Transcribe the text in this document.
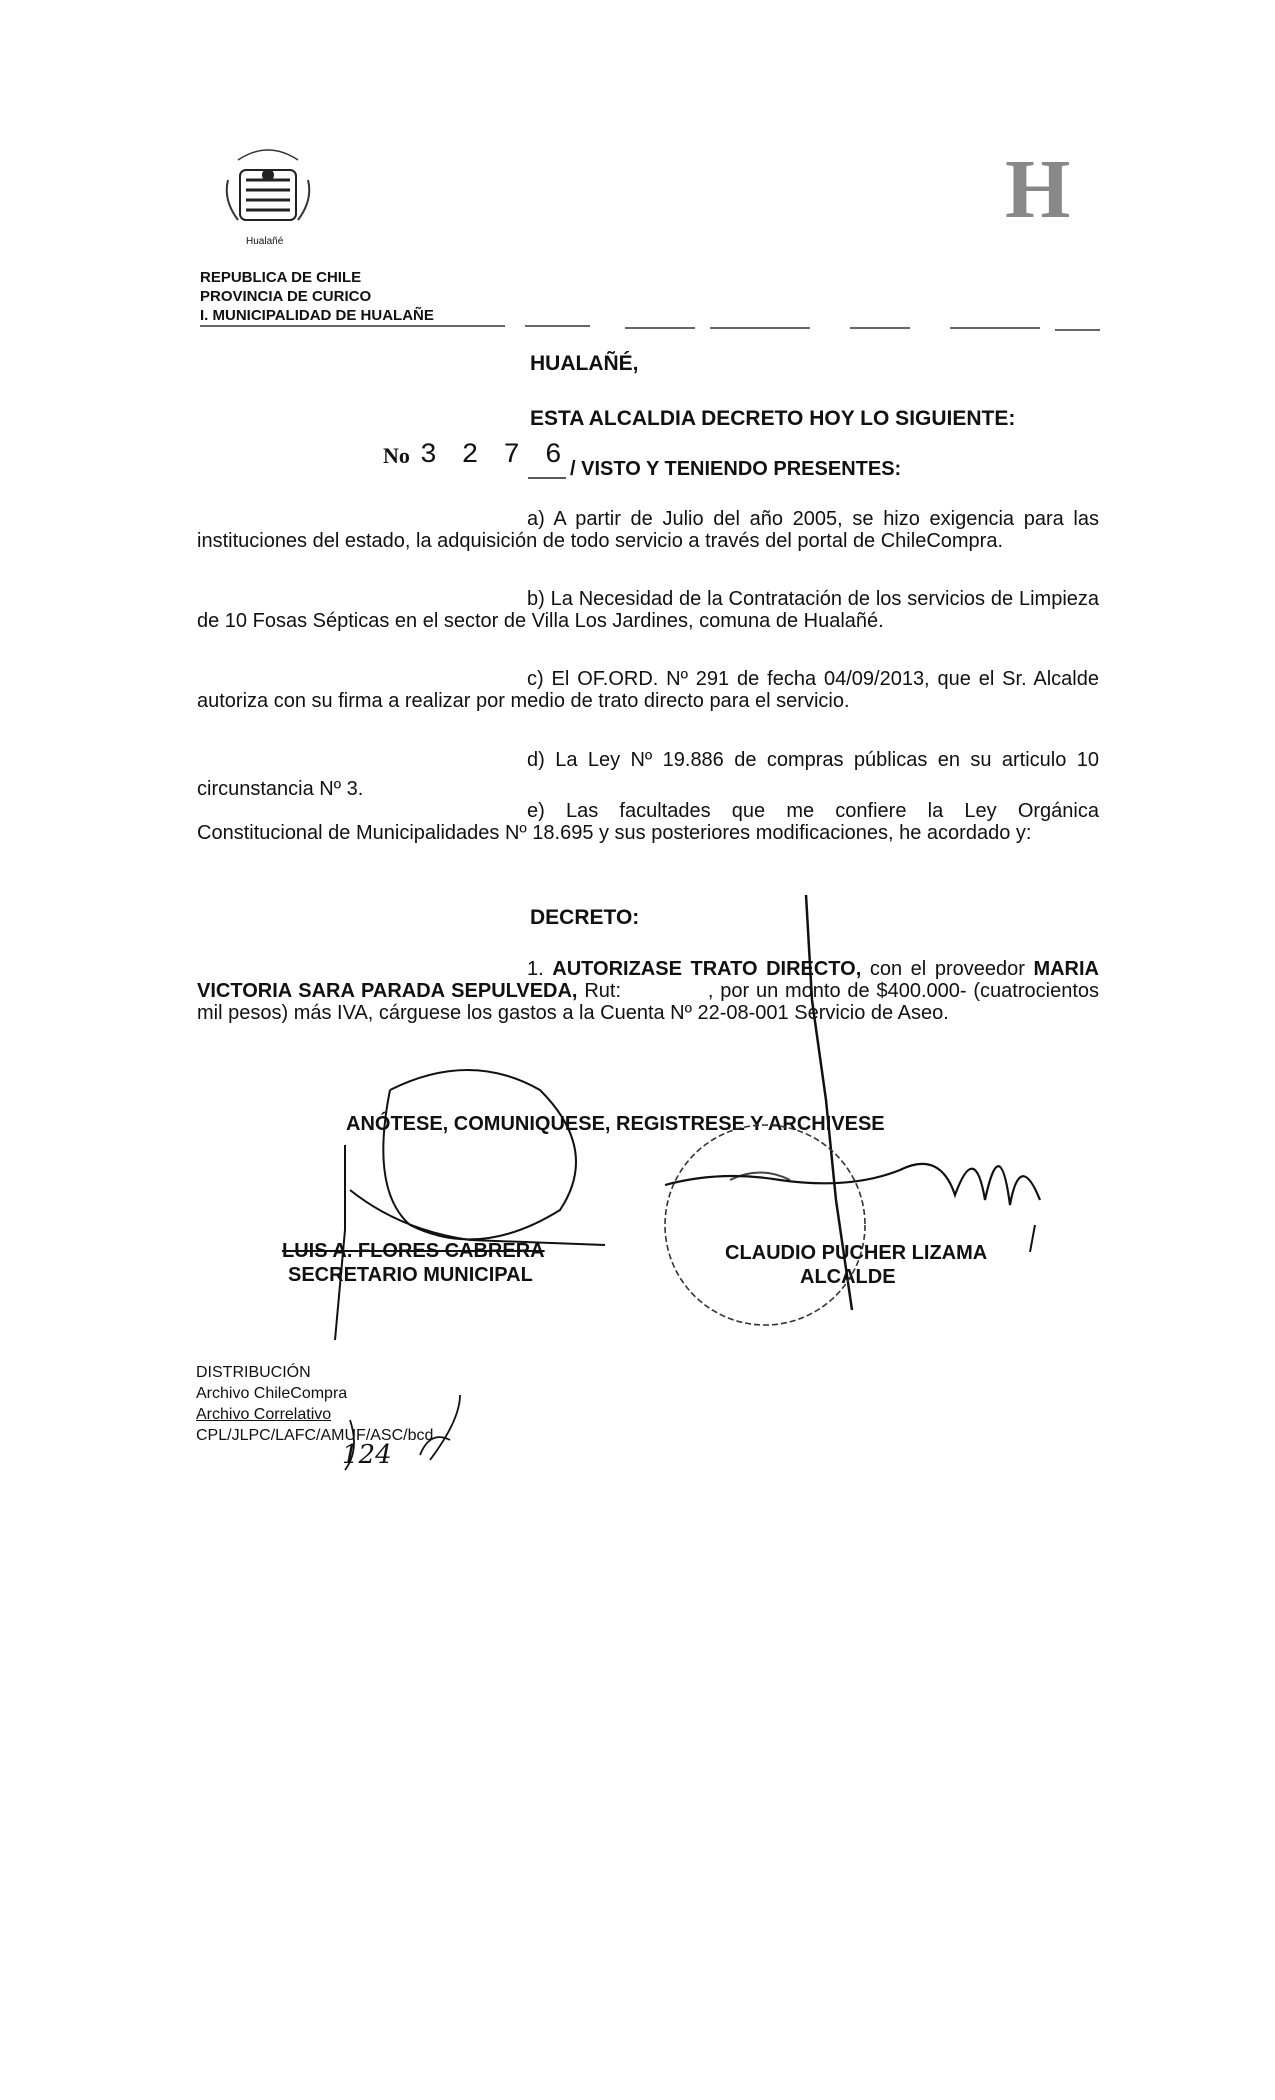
Hualañé
H
REPUBLICA DE CHILE
PROVINCIA DE CURICO
I. MUNICIPALIDAD DE HUALAÑE
HUALAÑÉ,
ESTA ALCALDIA DECRETO HOY LO SIGUIENTE:
No 3 2 7 6 / VISTO Y TENIENDO PRESENTES:
a) A partir de Julio del año 2005, se hizo exigencia para las instituciones del estado, la adquisición de todo servicio a través del portal de ChileCompra.
b) La Necesidad de la Contratación de los servicios de Limpieza de 10 Fosas Sépticas en el sector de Villa Los Jardines, comuna de Hualañé.
c) El OF.ORD. Nº 291 de fecha 04/09/2013, que el Sr. Alcalde autoriza con su firma a realizar por medio de trato directo para el servicio.
d) La Ley Nº 19.886 de compras públicas en su articulo 10 circunstancia Nº 3.
e) Las facultades que me confiere la Ley Orgánica Constitucional de Municipalidades Nº 18.695 y sus posteriores modificaciones, he acordado y:
DECRETO:
1. AUTORIZASE TRATO DIRECTO, con el proveedor MARIA VICTORIA SARA PARADA SEPULVEDA, Rut:	, por un monto de $400.000- (cuatrocientos mil pesos) más IVA, cárguese los gastos a la Cuenta Nº 22-08-001 Servicio de Aseo.
ANÓTESE, COMUNIQUESE, REGISTRESE Y ARCHIVESE
LUIS A. FLORES CABRERA
SECRETARIO MUNICIPAL
CLAUDIO PUCHER LIZAMA
ALCALDE
DISTRIBUCIÓN
Archivo ChileCompra
Archivo Correlativo
CPL/JLPC/LAFC/AMUF/ASC/bcd
124
